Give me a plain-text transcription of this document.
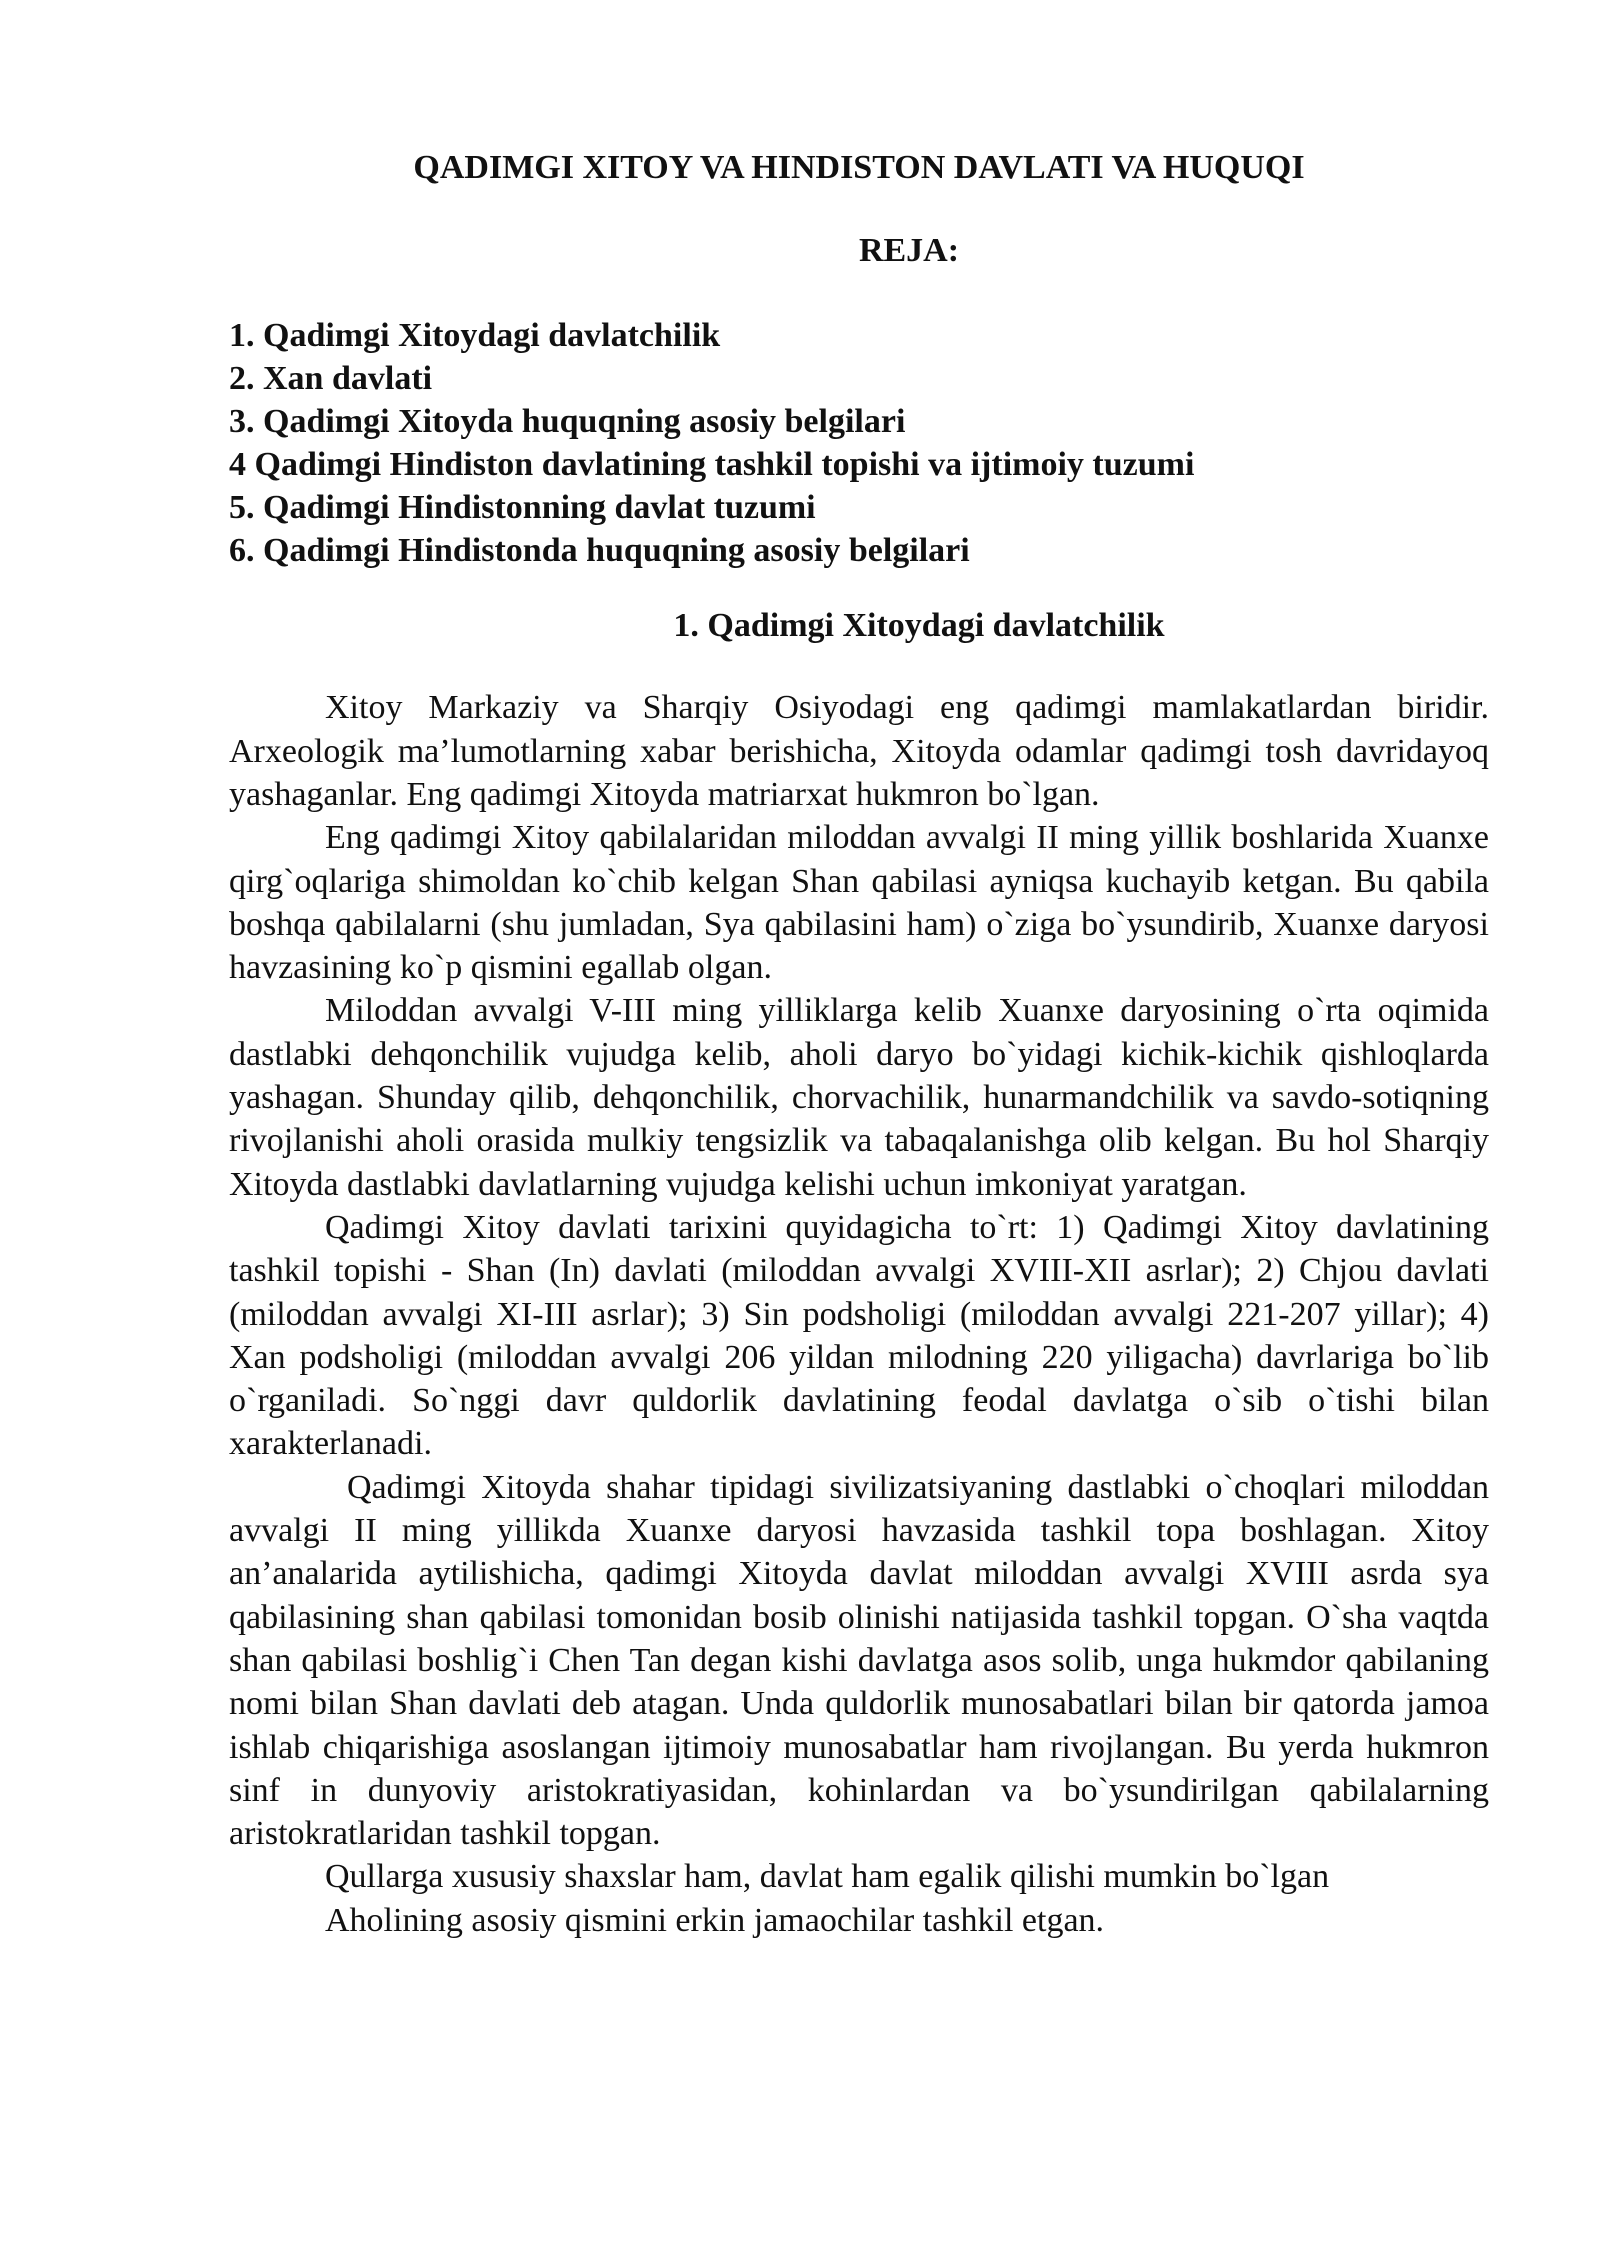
QADIMGI XITOY VA HINDISTON DAVLATI VA HUQUQI
REJA:
1. Qadimgi Xitoydagi davlatchilik
2. Xan davlati
3. Qadimgi Xitoyda huquqning asosiy belgilari
4 Qadimgi Hindiston davlatining tashkil topishi va ijtimoiy tuzumi
5. Qadimgi Hindistonning davlat tuzumi
6. Qadimgi Hindistonda huquqning asosiy belgilari
1. Qadimgi Xitoydagi davlatchilik

Xitoy Markaziy va Sharqiy Osiyodagi eng qadimgi mamlakatlardan biridir. Arxeologik ma’lumotlarning xabar berishicha, Xitoyda odamlar qadimgi tosh davridayoq yashaganlar. Eng qadimgi Xitoyda matriarxat hukmron bo`lgan.

Eng qadimgi Xitoy qabilalaridan miloddan avvalgi II ming yillik boshlarida Xuanxe qirg`oqlariga shimoldan ko`chib kelgan Shan qabilasi ayniqsa kuchayib ketgan. Bu qabila boshqa qabilalarni (shu jumladan, Sya qabilasini ham) o`ziga bo`ysundirib, Xuanxe daryosi havzasining ko`p qismini egallab olgan.

Miloddan avvalgi V-III ming yilliklarga kelib Xuanxe daryosining o`rta oqimida dastlabki dehqonchilik vujudga kelib, aholi daryo bo`yidagi kichik-kichik qishloqlarda yashagan. Shunday qilib, dehqonchilik, chorvachilik, hunarmandchilik va savdo-sotiqning rivojlanishi aholi orasida mulkiy tengsizlik va tabaqalanishga olib kelgan. Bu hol Sharqiy Xitoyda dastlabki davlatlarning vujudga kelishi uchun imkoniyat yaratgan.

Qadimgi Xitoy davlati tarixini quyidagicha to`rt: 1) Qadimgi Xitoy davlatining tashkil topishi - Shan (In) davlati (miloddan avvalgi XVIII-XII asrlar); 2) Chjou davlati (miloddan avvalgi XI-III asrlar); 3) Sin podsholigi (miloddan avvalgi 221-207 yillar); 4) Xan podsholigi (miloddan avvalgi 206 yildan milodning 220 yiligacha) davrlariga bo`lib o`rganiladi. So`nggi davr quldorlik davlatining feodal davlatga o`sib o`tishi bilan xarakterlanadi.

Qadimgi Xitoyda shahar tipidagi sivilizatsiyaning dastlabki o`choqlari miloddan avvalgi II ming yillikda Xuanxe daryosi havzasida tashkil topa boshlagan. Xitoy an’analarida aytilishicha, qadimgi Xitoyda davlat miloddan avvalgi XVIII asrda sya qabilasining shan qabilasi tomonidan bosib olinishi natijasida tashkil topgan. O`sha vaqtda shan qabilasi boshlig`i Chen Tan degan kishi davlatga asos solib, unga hukmdor qabilaning nomi bilan Shan davlati deb atagan. Unda quldorlik munosabatlari bilan bir qatorda jamoa ishlab chiqarishiga asoslangan ijtimoiy munosabatlar ham rivojlangan. Bu yerda hukmron sinf in dunyoviy aristokratiyasidan, kohinlardan va bo`ysundirilgan qabilalarning aristokratlaridan tashkil topgan.

Qullarga xususiy shaxslar ham, davlat ham egalik qilishi mumkin bo`lgan

Aholining asosiy qismini erkin jamaochilar tashkil etgan.
